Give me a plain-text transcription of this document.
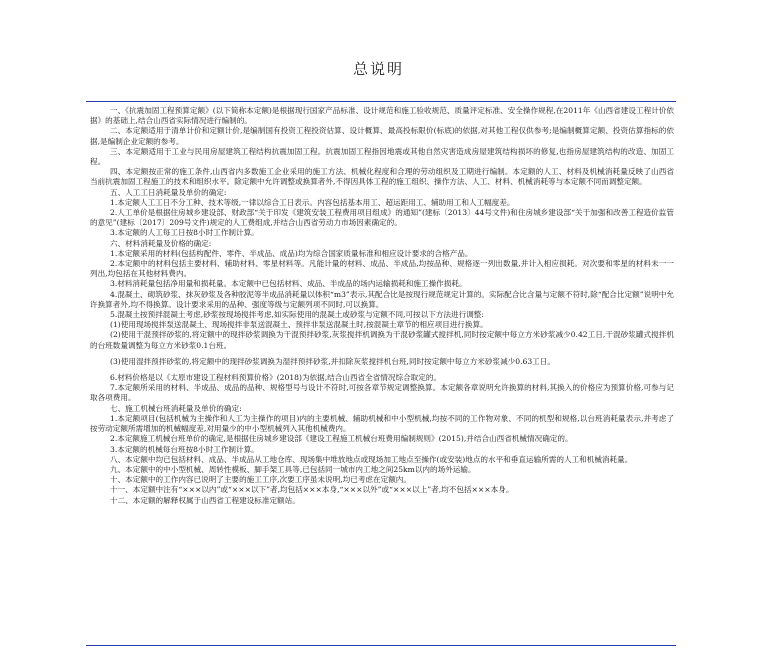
总说明

一、《抗震加固工程预算定额》(以下简称本定额)是根据现行国家产品标准、设计规范和施工验收规范、质量评定标准、安全操作规程,在2011年《山西省建设工程计价依据》的基础上,结合山西省实际情况进行编制的。

二、本定额适用于清单计价和定额计价,是编制国有投资工程投资估算、设计概算、最高投标限价(标底)的依据,对其他工程仅供参考;是编制概算定额、投资估算指标的依据,是编制企业定额的参考。

三、本定额适用于工业与民用房屋建筑工程结构抗震加固工程。抗震加固工程指因地震或其他自然灾害造成房屋建筑结构损坏的修复,也指房屋建筑结构的改造、加固工程。

四、本定额按正常的施工条件,山西省内多数施工企业采用的施工方法、机械化程度和合理的劳动组织及工期进行编制。本定额的人工、材料及机械消耗量反映了山西省当前抗震加固工程施工的技术和组织水平。除定额中允许调整或换算者外,不得因具体工程的施工组织、操作方法、人工、材料、机械消耗等与本定额不同而调整定额。

五、人工工日消耗量及单价的确定:

1.本定额人工工日不分工种、技术等级,一律以综合工日表示。内容包括基本用工、超运距用工、辅助用工和人工幅度差。

2.人工单价是根据住房城乡建设部、财政部“关于印发《建筑安装工程费用项目组成》的通知”(建标〔2013〕44号文件)和住房城乡建设部“关于加强和改善工程造价监管的意见”(建标〔2017〕209号文件)规定的人工费组成,并结合山西省劳动力市场因素确定的。

3.本定额的人工每工日按8小时工作制计算。

六、材料消耗量及价格的确定:

1.本定额采用的材料(包括构配件、零件、半成品、成品)均为综合国家质量标准和相应设计要求的合格产品。

2.本定额中的材料包括主要材料、辅助材料、零星材料等。凡能计量的材料、成品、半成品,均按品种、规格逐一列出数量,并计入相应损耗。对次要和零星的材料未一一列出,均包括在其他材料费内。

3.材料消耗量包括净用量和损耗量。本定额中已包括材料、成品、半成品的场内运输损耗和施工操作损耗。

4.混凝土、砌筑砂浆、抹灰砂浆及各种胶泥等半成品消耗量以体积“m3”表示,其配合比是按现行规范规定计算的。实际配合比含量与定额不符时,除“配合比定额”说明中允许换算者外,均不得换算。设计要求采用的品种、强度等级与定额列项不同时,可以换算。

5.混凝土按预拌混凝土考虑,砂浆按现场搅拌考虑,如实际使用的混凝土或砂浆与定额不同,可按以下方法进行调整:

(1)使用现场搅拌泵送混凝土、现场搅拌非泵送混凝土、预拌非泵送混凝土时,按混凝土章节的相应项目进行换算。

(2)使用干混预拌砂浆的,将定额中的现拌砂浆调换为干混预拌砂浆,灰浆搅拌机调换为干混砂浆罐式搅拌机,同时按定额中每立方米砂浆减少0.42工日,干混砂浆罐式搅拌机的台班数量调整为每立方米砂浆0.1台班。

(3)使用湿拌预拌砂浆的,将定额中的现拌砂浆调换为湿拌预拌砂浆,并扣除灰浆搅拌机台班,同时按定额中每立方米砂浆减少0.63工日。

6.材料价格是以《太原市建设工程材料预算价格》(2018)为依据,结合山西省全省情况综合取定的。

7.本定额所采用的材料、半成品、成品的品种、规格型号与设计不符时,可按各章节规定调整换算。本定额各章说明允许换算的材料,其换入的价格应为预算价格,可参与记取各项费用。

七、施工机械台班消耗量及单价的确定:

1.本定额项目(包括机械为主操作和人工为主操作的项目)内的主要机械、辅助机械和中小型机械,均按不同的工作物对象、不同的机型和规格,以台班消耗量表示,并考虑了按劳动定额所需增加的机械幅度差,对用量少的中小型机械列入其他机械费内。

2.本定额施工机械台班单价的确定,是根据住房城乡建设部《建设工程施工机械台班费用编制规则》(2015),并结合山西省机械情况确定的。

3.本定额的机械每台班按8小时工作制计算。

八、本定额中均已包括材料、成品、半成品从工地仓库、现场集中堆放地点或现场加工地点至操作(或安装)地点的水平和垂直运输所需的人工和机械消耗量。

九、本定额中的中小型机械、周转性模板、脚手架工具等,已包括同一城市内工地之间25km以内的场外运输。

十、本定额中的工作内容已说明了主要的施工工序,次要工序虽未说明,均已考虑在定额内。

十一、本定额中注有“×××以内”或“×××以下”者,均包括×××本身,“×××以外”或“×××以上”者,均不包括×××本身。

十二、本定额的解释权属于山西省工程建设标准定额站。
